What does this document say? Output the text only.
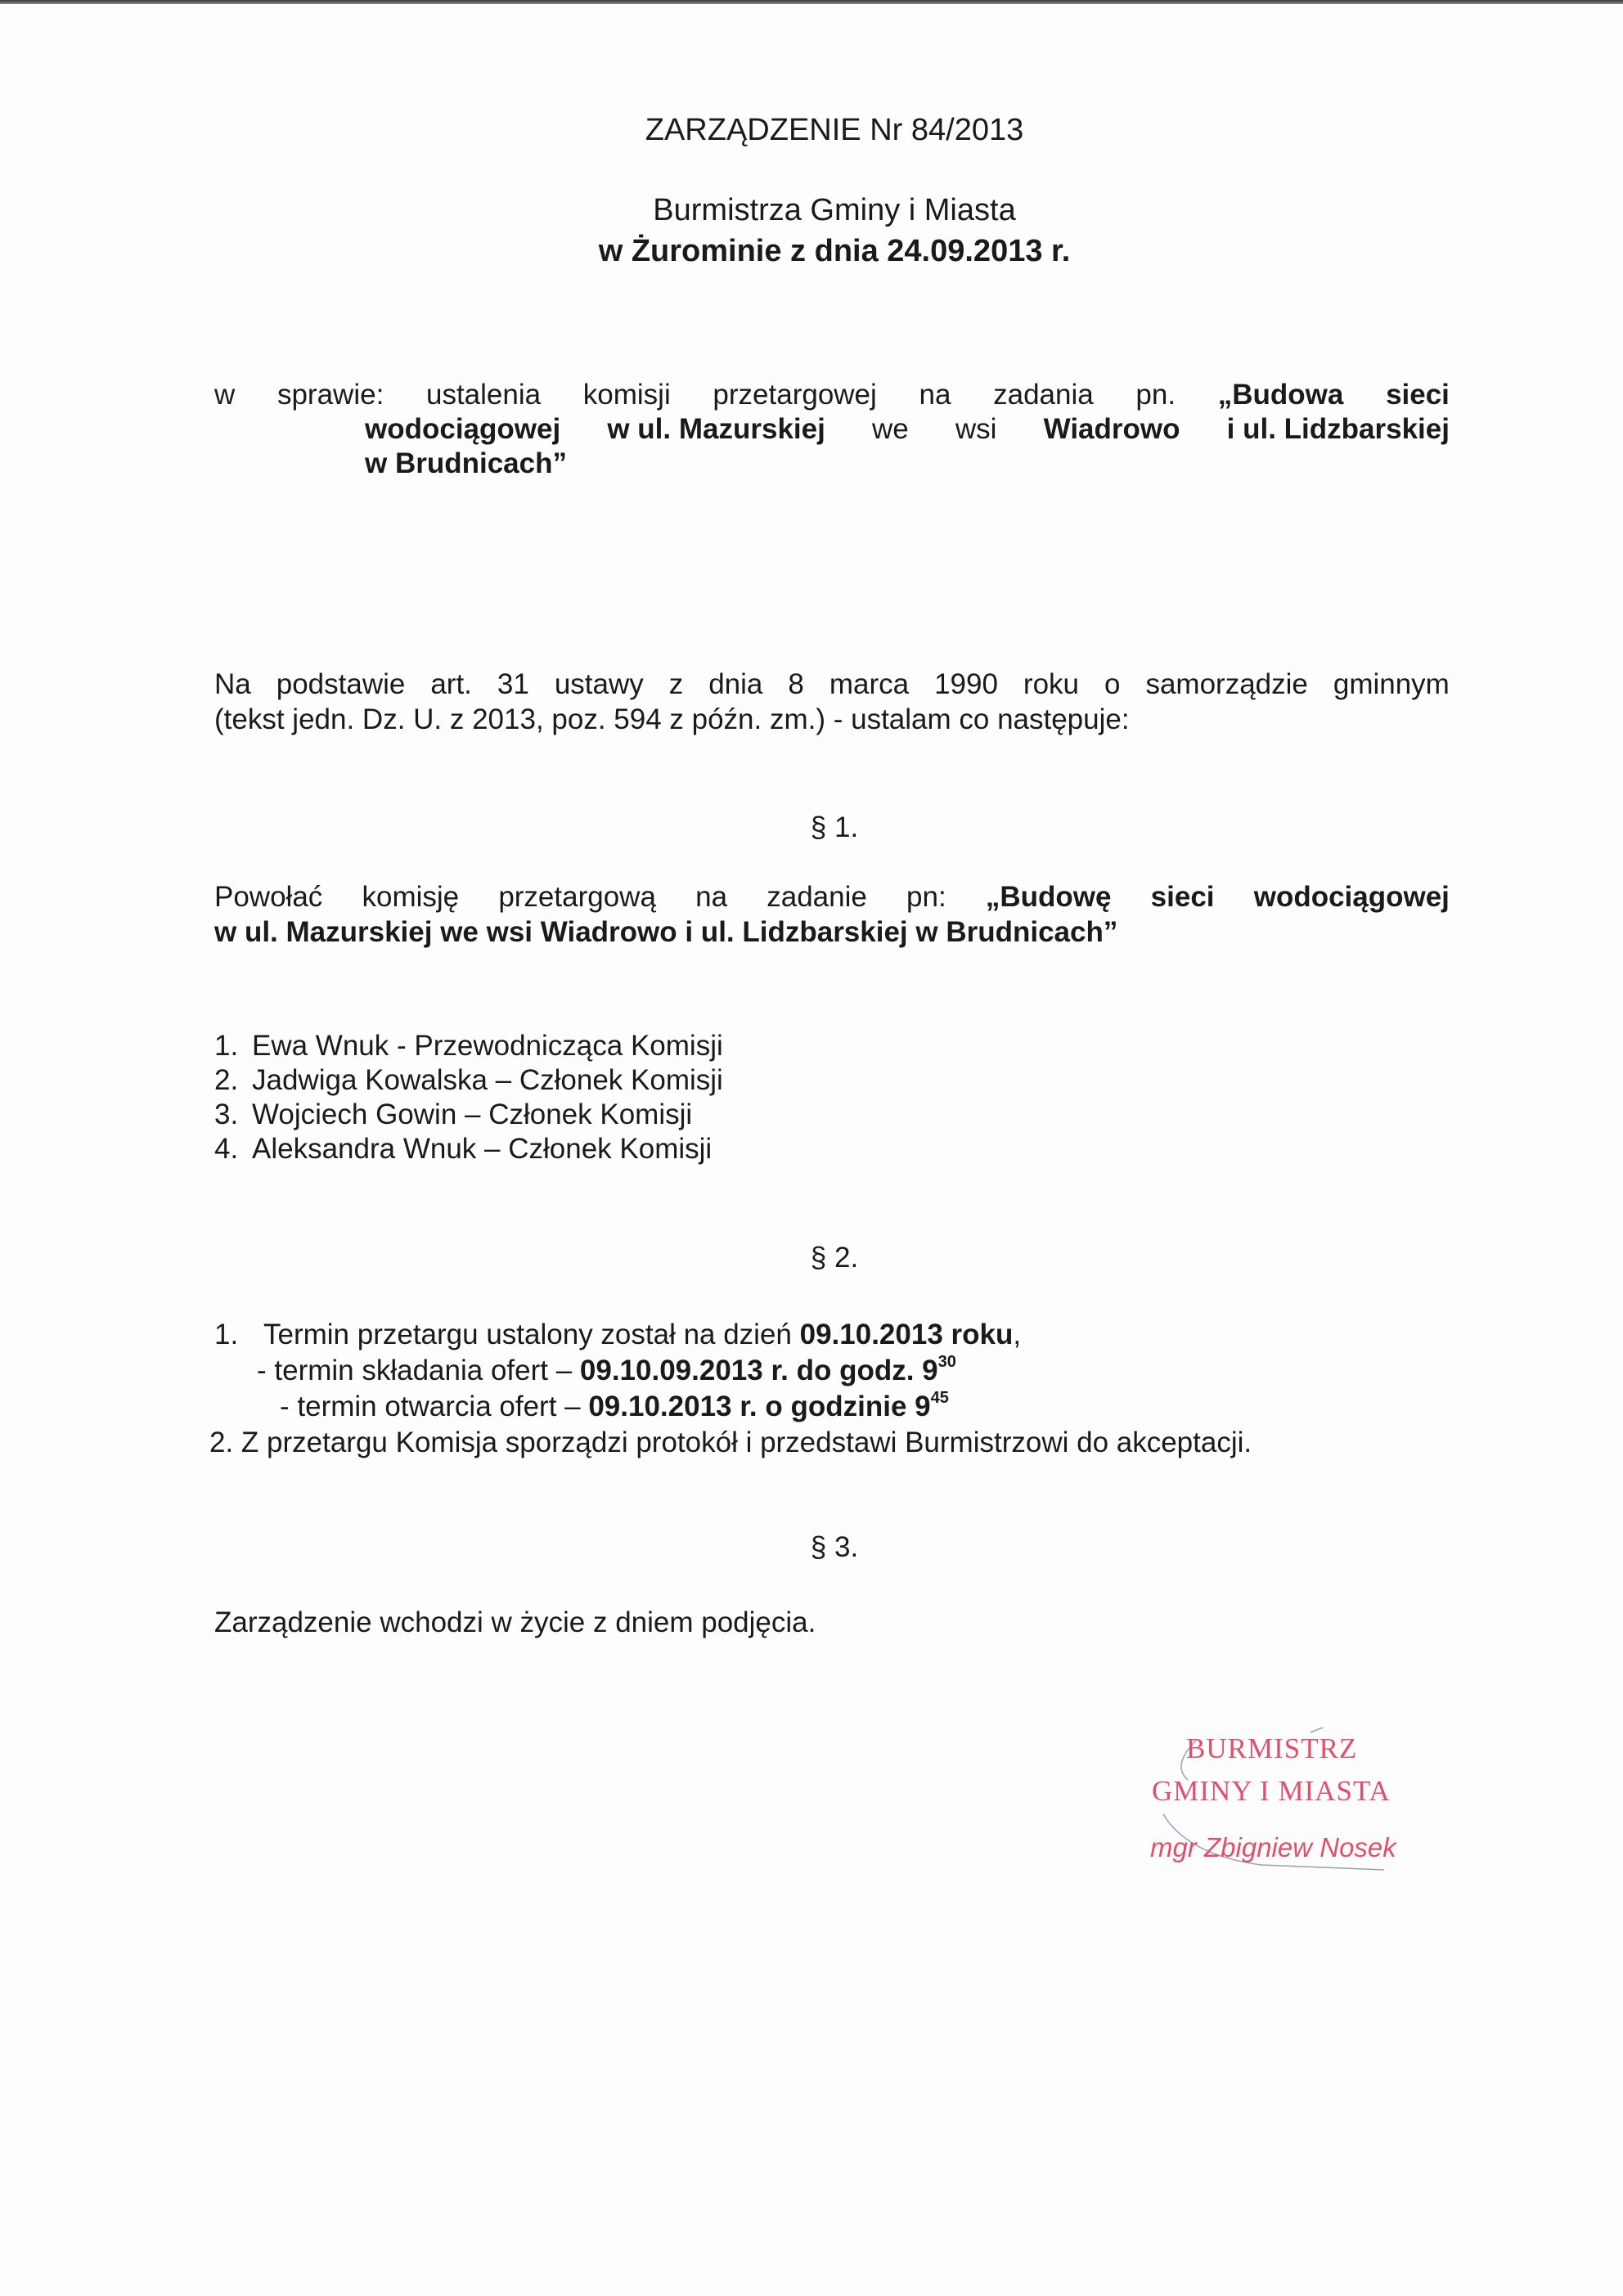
ZARZĄDZENIE Nr 84/2013
Burmistrza Gminy i Miasta
w Żurominie z dnia 24.09.2013 r.
w sprawie: ustalenia komisji przetargowej na zadania pn. „Budowa sieci
wodociągowej w ul. Mazurskiej we wsi Wiadrowo i ul. Lidzbarskiej
w Brudnicach”
Na podstawie art. 31 ustawy z dnia 8 marca 1990 roku o samorządzie gminnym
(tekst jedn. Dz. U. z 2013, poz. 594 z późn. zm.) - ustalam co następuje:
§ 1.
Powołać komisję przetargową na zadanie pn: „Budowę sieci wodociągowej
w ul. Mazurskiej we wsi Wiadrowo i ul. Lidzbarskiej w Brudnicach”
1. Ewa Wnuk - Przewodnicząca Komisji
2. Jadwiga Kowalska – Członek Komisji
3. Wojciech Gowin – Członek Komisji
4. Aleksandra Wnuk – Członek Komisji
§ 2.
1. Termin przetargu ustalony został na dzień 09.10.2013 roku,
- termin składania ofert – 09.10.09.2013 r. do godz. $9^{30}$
- termin otwarcia ofert – 09.10.2013 r. o godzinie $9^{45}$
2. Z przetargu Komisja sporządzi protokół i przedstawi Burmistrzowi do akceptacji.
§ 3.
Zarządzenie wchodzi w życie z dniem podjęcia.
BURMISTRZ
GMINY I MIASTA
mgr Zbigniew Nosek
